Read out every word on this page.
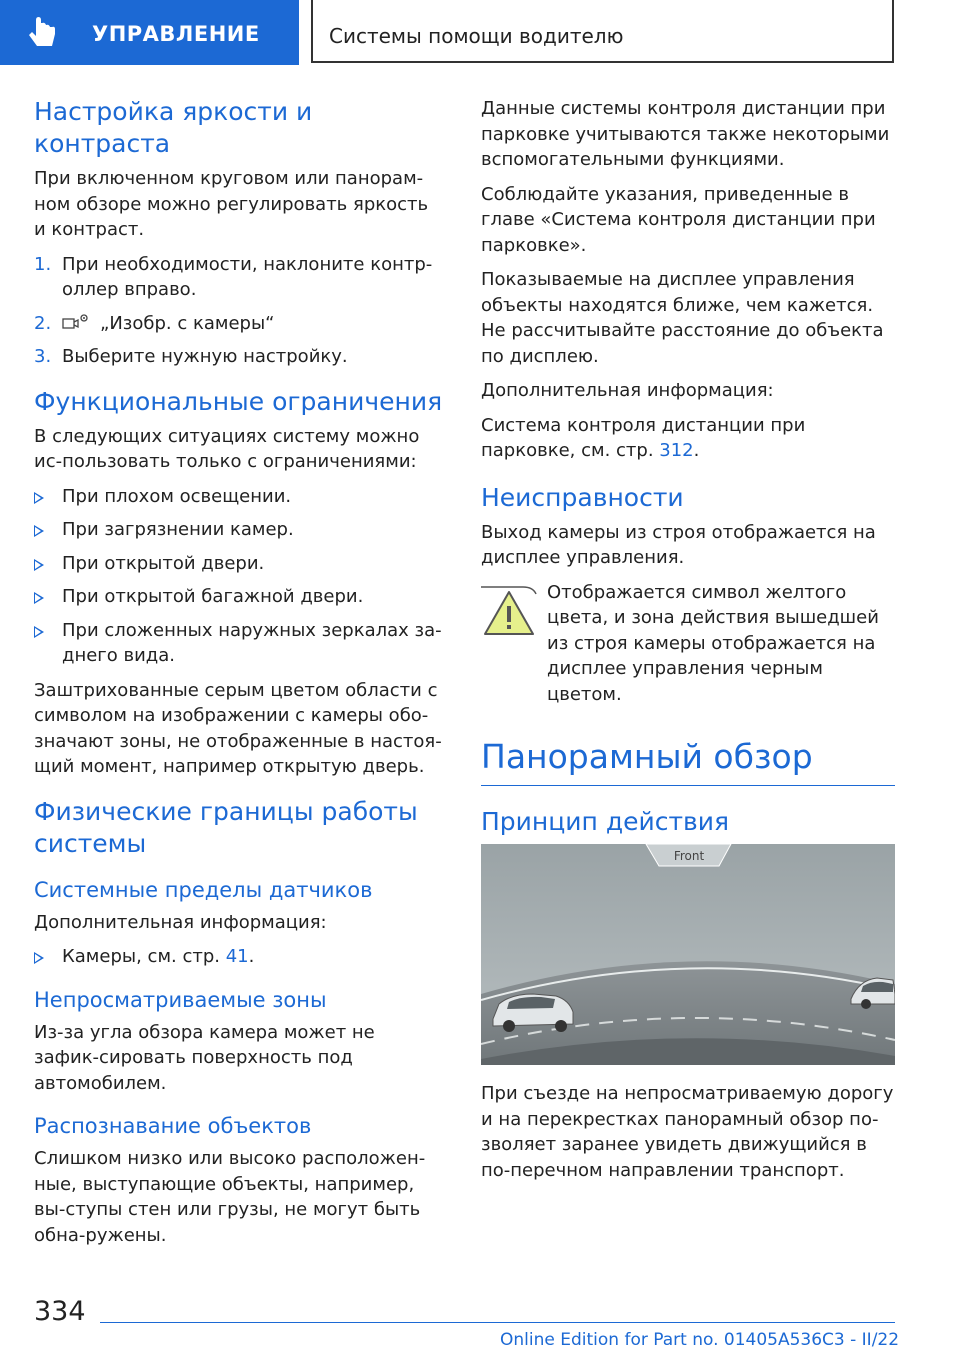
УПРАВЛЕНИЕ	Системы помощи водителю
Настройка яркости и контраста

При включенном круговом или панорам-ном обзоре можно регулировать яркость и контраст.

1. При необходимости, наклоните контр-оллер вправо.
2.	„Изобр. с камеры“
3. Выберите нужную настройку.
Функциональные ограничения

В следующих ситуациях систему можно ис-пользовать только с ограничениями:

При плохом освещении.
При загрязнении камер.
При открытой двери.
При открытой багажной двери.
При сложенных наружных зеркалах за-днего вида.

Заштрихованные серым цветом области с символом на изображении с камеры обо-значают зоны, не отображенные в настоя-щий момент, например открытую дверь.

Физические границы работы системы
Системные пределы датчиков

Дополнительная информация:

Камеры, см. стр. 41.
Непросматриваемые зоны

Из-за угла обзора камера может не зафик-сировать поверхность под автомобилем.

Распознавание объектов

Слишком низко или высоко расположен-ные, выступающие объекты, например, вы-ступы стен или грузы, не могут быть обна-ружены.

Данные системы контроля дистанции при парковке учитываются также некоторыми вспомогательными функциями.

Соблюдайте указания, приведенные в главе «Система контроля дистанции при парковке».

Показываемые на дисплее управления объекты находятся ближе, чем кажется. Не рассчитывайте расстояние до объекта по дисплею.

Дополнительная информация:

Система контроля дистанции при парковке, см. стр. 312.

Неисправности

Выход камеры из строя отображается на дисплее управления.

Отображается символ желтого цвета, и зона действия вышедшей из строя камеры отображается на дисплее управления черным цветом.

Панорамный обзор
Принцип действия
Front

При съезде на непросматриваемую дорогу и на перекрестках панорамный обзор по-зволяет заранее увидеть движущийся в по-перечном направлении транспорт.

334
Online Edition for Part no. 01405A536C3 - II/22
